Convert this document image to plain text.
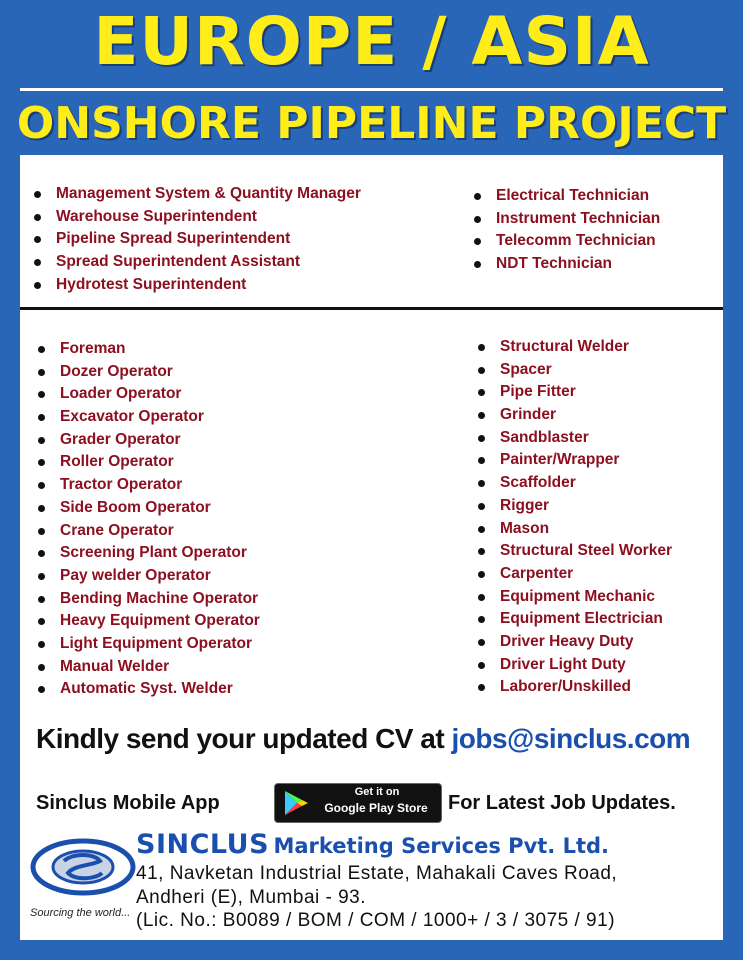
EUROPE / ASIA
ONSHORE PIPELINE PROJECT
Management System & Quantity Manager
Warehouse Superintendent
Pipeline Spread Superintendent
Spread Superintendent Assistant
Hydrotest Superintendent
Electrical Technician
Instrument Technician
Telecomm Technician
NDT Technician
Foreman
Dozer Operator
Loader Operator
Excavator Operator
Grader Operator
Roller Operator
Tractor Operator
Side Boom Operator
Crane Operator
Screening Plant Operator
Pay welder Operator
Bending Machine Operator
Heavy Equipment Operator
Light Equipment Operator
Manual Welder
Automatic Syst. Welder
Structural Welder
Spacer
Pipe Fitter
Grinder
Sandblaster
Painter/Wrapper
Scaffolder
Rigger
Mason
Structural Steel Worker
Carpenter
Equipment Mechanic
Equipment Electrician
Driver Heavy Duty
Driver Light Duty
Laborer/Unskilled
Kindly send your updated CV at jobs@sinclus.com
Sinclus Mobile App	Get it on
Google Play Store	For Latest Job Updates.
Sourcing the world...
SINCLUS Marketing Services Pvt. Ltd.
41, Navketan Industrial Estate, Mahakali Caves Road,
Andheri (E), Mumbai - 93.
(Lic. No.: B0089 / BOM / COM / 1000+ / 3 / 3075 / 91)
